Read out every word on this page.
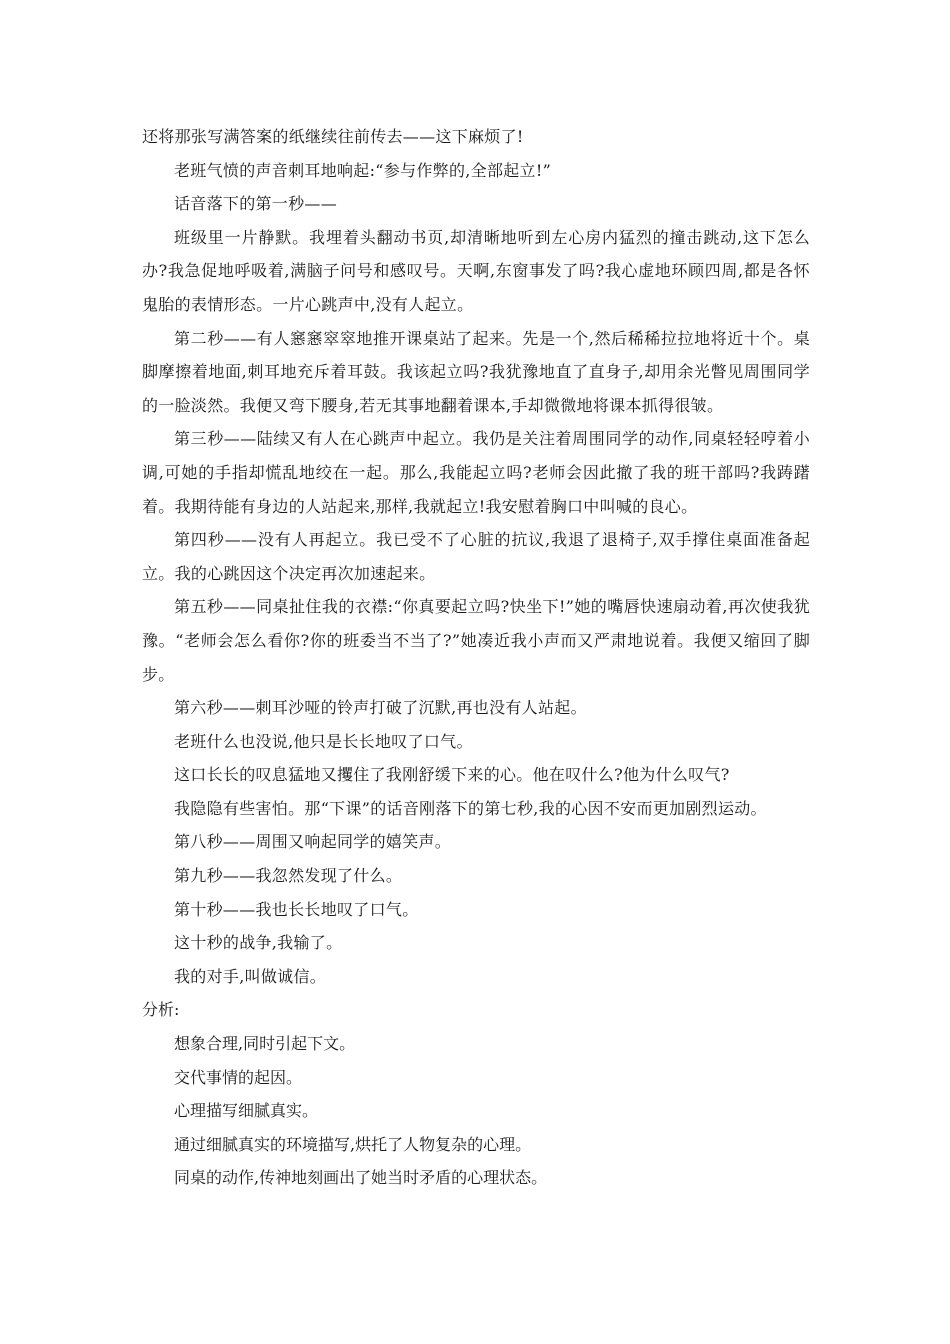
还将那张写满答案的纸继续往前传去——这下麻烦了!

老班气愤的声音刺耳地响起:“参与作弊的,全部起立!”

话音落下的第一秒——

班级里一片静默。我埋着头翻动书页,却清晰地听到左心房内猛烈的撞击跳动,这下怎么办?我急促地呼吸着,满脑子问号和感叹号。天啊,东窗事发了吗?我心虚地环顾四周,都是各怀鬼胎的表情形态。一片心跳声中,没有人起立。

第二秒——有人窸窸窣窣地推开课桌站了起来。先是一个,然后稀稀拉拉地将近十个。桌脚摩擦着地面,刺耳地充斥着耳鼓。我该起立吗?我犹豫地直了直身子,却用余光瞥见周围同学的一脸淡然。我便又弯下腰身,若无其事地翻着课本,手却微微地将课本抓得很皱。

第三秒——陆续又有人在心跳声中起立。我仍是关注着周围同学的动作,同桌轻轻哼着小调,可她的手指却慌乱地绞在一起。那么,我能起立吗?老师会因此撤了我的班干部吗?我踌躇着。我期待能有身边的人站起来,那样,我就起立!我安慰着胸口中叫喊的良心。

第四秒——没有人再起立。我已受不了心脏的抗议,我退了退椅子,双手撑住桌面准备起立。我的心跳因这个决定再次加速起来。

第五秒——同桌扯住我的衣襟:“你真要起立吗?快坐下!”她的嘴唇快速扇动着,再次使我犹豫。“老师会怎么看你?你的班委当不当了?”她凑近我小声而又严肃地说着。我便又缩回了脚步。

第六秒——刺耳沙哑的铃声打破了沉默,再也没有人站起。

老班什么也没说,他只是长长地叹了口气。

这口长长的叹息猛地又攫住了我刚舒缓下来的心。他在叹什么?他为什么叹气?

我隐隐有些害怕。那“下课”的话音刚落下的第七秒,我的心因不安而更加剧烈运动。

第八秒——周围又响起同学的嬉笑声。

第九秒——我忽然发现了什么。

第十秒——我也长长地叹了口气。

这十秒的战争,我输了。

我的对手,叫做诚信。

分析:

想象合理,同时引起下文。

交代事情的起因。

心理描写细腻真实。

通过细腻真实的环境描写,烘托了人物复杂的心理。

同桌的动作,传神地刻画出了她当时矛盾的心理状态。
